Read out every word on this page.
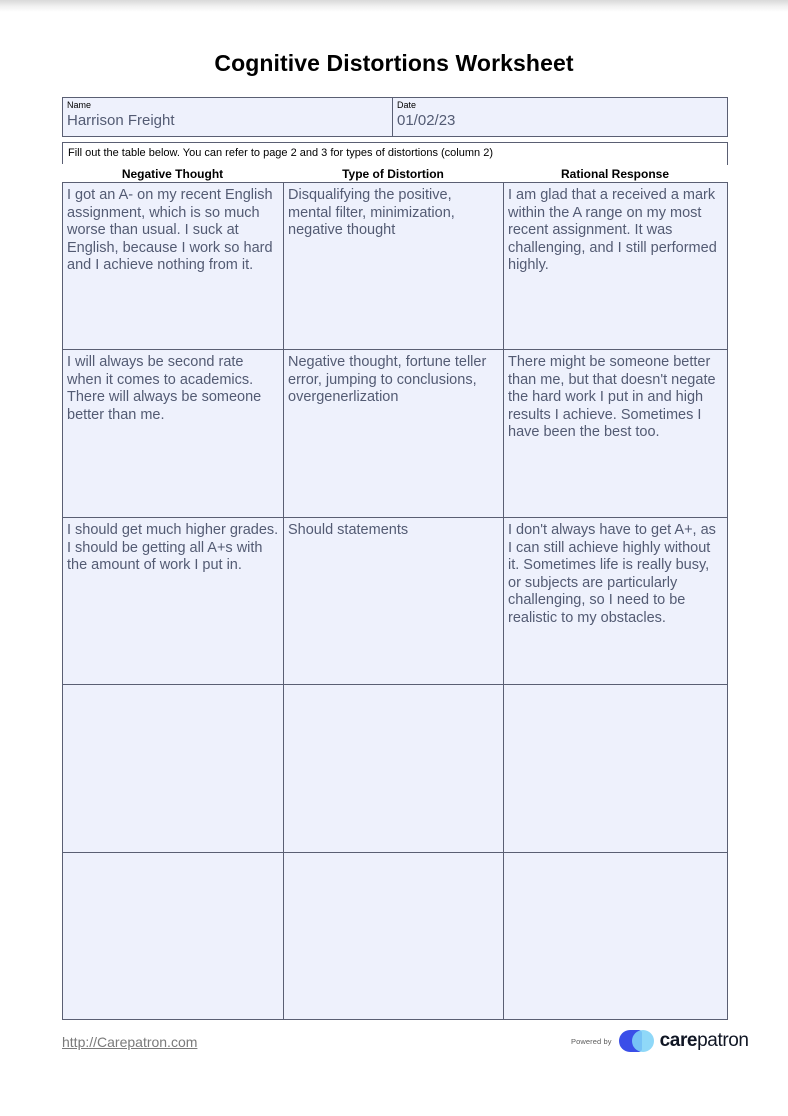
Cognitive Distortions Worksheet
Name
Harrison Freight

Date
01/02/23
Fill out the table below. You can refer to page 2 and 3 for types of distortions (column 2)
Negative Thought	Type of Distortion	Rational Response
I got an A- on my recent English assignment, which is so much worse than usual. I suck at English, because I work so hard and I achieve nothing from it.	Disqualifying the positive, mental filter, minimization, negative thought	I am glad that a received a mark within the A range on my most recent assignment. It was challenging, and I still performed highly.

I will always be second rate when it comes to academics. There will always be someone better than me.	Negative thought, fortune teller error, jumping to conclusions, overgenerlization	There might be someone better than me, but that doesn't negate the hard work I put in and high results I achieve. Sometimes I have been the best too.

I should get much higher grades. I should be getting all A+s with the amount of work I put in.	Should statements	I don't always have to get A+, as I can still achieve highly without it. Sometimes life is really busy, or subjects are particularly challenging, so I need to be realistic to my obstacles.

http://Carepatron.com	Powered by	carepatron
